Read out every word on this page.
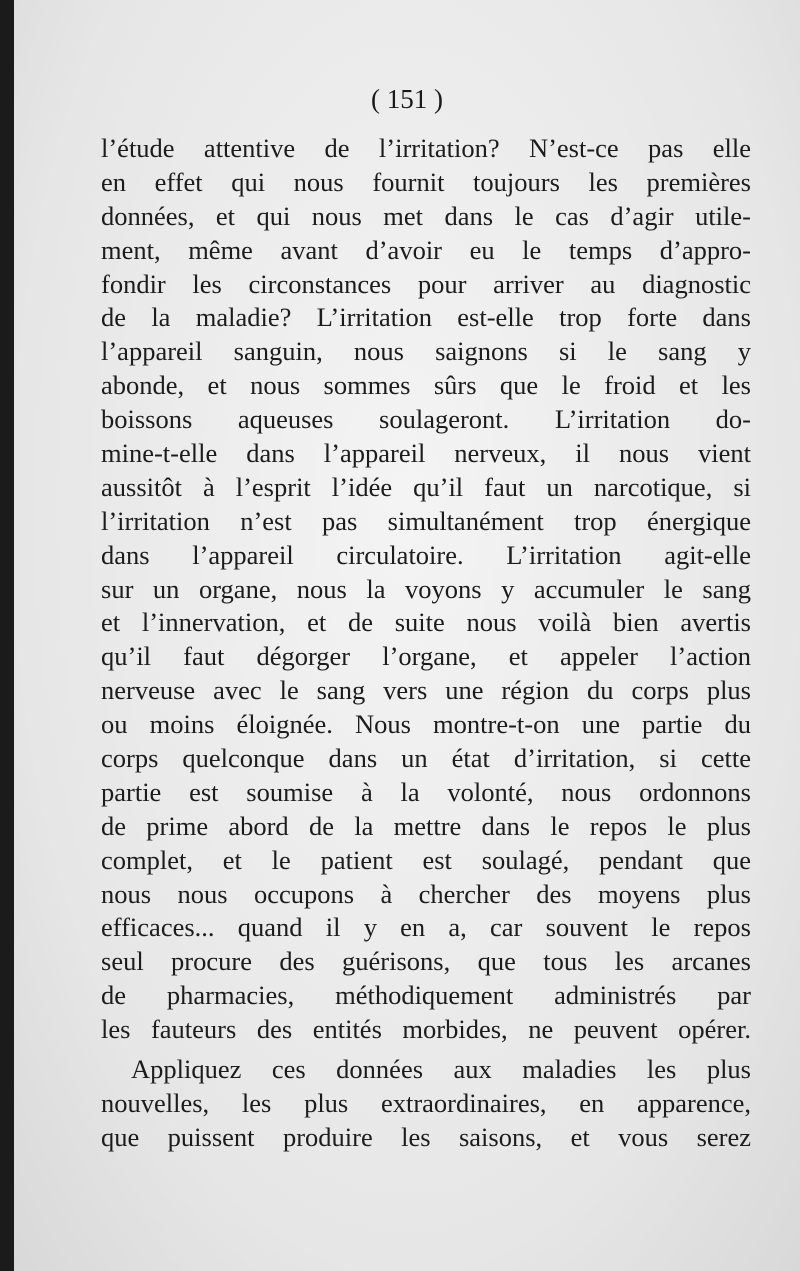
( 151 )
l’étude attentive de l’irritation? N’est-ce pas elle
en effet qui nous fournit toujours les premières
données, et qui nous met dans le cas d’agir utile-
ment, même avant d’avoir eu le temps d’appro-
fondir les circonstances pour arriver au diagnostic
de la maladie? L’irritation est-elle trop forte dans
l’appareil sanguin, nous saignons si le sang y
abonde, et nous sommes sûrs que le froid et les
boissons aqueuses soulageront. L’irritation do-
mine-t-elle dans l’appareil nerveux, il nous vient
aussitôt à l’esprit l’idée qu’il faut un narcotique, si
l’irritation n’est pas simultanément trop énergique
dans l’appareil circulatoire. L’irritation agit-elle
sur un organe, nous la voyons y accumuler le sang
et l’innervation, et de suite nous voilà bien avertis
qu’il faut dégorger l’organe, et appeler l’action
nerveuse avec le sang vers une région du corps plus
ou moins éloignée. Nous montre-t-on une partie du
corps quelconque dans un état d’irritation, si cette
partie est soumise à la volonté, nous ordonnons
de prime abord de la mettre dans le repos le plus
complet, et le patient est soulagé, pendant que
nous nous occupons à chercher des moyens plus
efficaces... quand il y en a, car souvent le repos
seul procure des guérisons, que tous les arcanes
de pharmacies, méthodiquement administrés par
les fauteurs des entités morbides, ne peuvent opérer.
Appliquez ces données aux maladies les plus
nouvelles, les plus extraordinaires, en apparence,
que puissent produire les saisons, et vous serez
